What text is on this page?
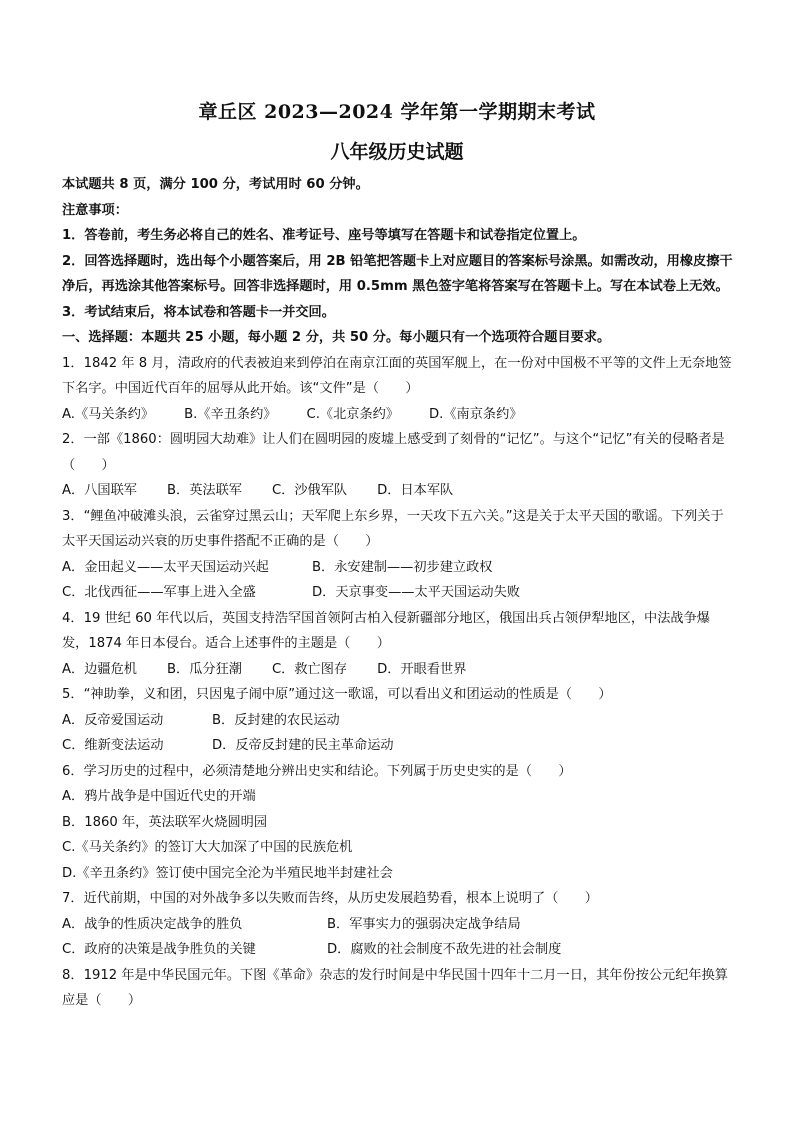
章丘区 2023—2024 学年第一学期期末考试
八年级历史试题

本试题共 8 页，满分 100 分，考试用时 60 分钟。

注意事项：

1．答卷前，考生务必将自己的姓名、准考证号、座号等填写在答题卡和试卷指定位置上。

2．回答选择题时，选出每个小题答案后，用 2B 铅笔把答题卡上对应题目的答案标号涂黑。如需改动，用橡皮擦干净后，再选涂其他答案标号。回答非选择题时，用 0.5mm 黑色签字笔将答案写在答题卡上。写在本试卷上无效。

3．考试结束后，将本试卷和答题卡一并交回。

一、选择题：本题共 25 小题，每小题 2 分，共 50 分。每小题只有一个选项符合题目要求。

1．1842 年 8 月，清政府的代表被迫来到停泊在南京江面的英国军舰上，在一份对中国极不平等的文件上无奈地签下名字。中国近代百年的屈辱从此开始。该“文件”是（　　）

A.《马关条约》 B.《辛丑条约》 C.《北京条约》 D.《南京条约》

2．一部《1860：圆明园大劫难》让人们在圆明园的废墟上感受到了刻骨的“记忆”。与这个“记忆”有关的侵略者是（　　）

A．八国联军 B．英法联军 C．沙俄军队 D．日本军队

3．“鲤鱼冲破滩头浪，云雀穿过黑云山；天军爬上东乡界，一天攻下五六关。”这是关于太平天国的歌谣。下列关于太平天国运动兴衰的历史事件搭配不正确的是（　　）

A．金田起义——太平天国运动兴起	B．永安建制——初步建立政权
C．北伐西征——军事上进入全盛	D．天京事变——太平天国运动失败

4．19 世纪 60 年代以后，英国支持浩罕国首领阿古柏入侵新疆部分地区，俄国出兵占领伊犁地区，中法战争爆发，1874 年日本侵台。适合上述事件的主题是（　　）

A．边疆危机 B．瓜分狂潮 C．救亡图存 D．开眼看世界

5．“神助拳，义和团，只因鬼子闹中原”通过这一歌谣，可以看出义和团运动的性质是（　　）

A．反帝爱国运动	B．反封建的农民运动
C．维新变法运动	D．反帝反封建的民主革命运动

6．学习历史的过程中，必须清楚地分辨出史实和结论。下列属于历史史实的是（　　）

A．鸦片战争是中国近代史的开端
B．1860 年，英法联军火烧圆明园
C.《马关条约》的签订大大加深了中国的民族危机
D.《辛丑条约》签订使中国完全沦为半殖民地半封建社会

7．近代前期，中国的对外战争多以失败而告终，从历史发展趋势看，根本上说明了（　　）

A．战争的性质决定战争的胜负	B．军事实力的强弱决定战争结局
C．政府的决策是战争胜负的关键	D．腐败的社会制度不敌先进的社会制度

8．1912 年是中华民国元年。下图《革命》杂志的发行时间是中华民国十四年十二月一日，其年份按公元纪年换算应是（　　）
